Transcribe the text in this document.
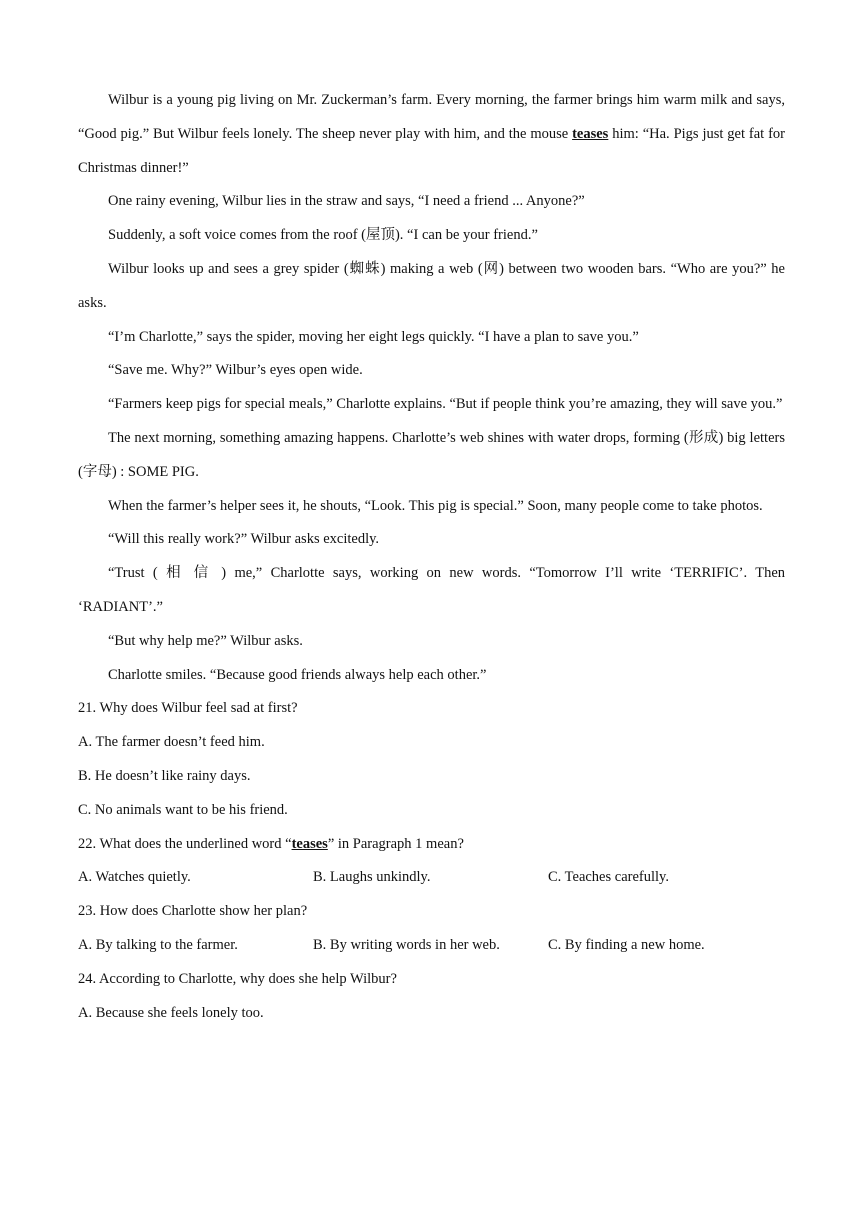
Wilbur is a young pig living on Mr. Zuckerman’s farm. Every morning, the farmer brings him warm milk and says, “Good pig.” But Wilbur feels lonely. The sheep never play with him, and the mouse teases him: “Ha. Pigs just get fat for Christmas dinner!”

One rainy evening, Wilbur lies in the straw and says, “I need a friend ... Anyone?”

Suddenly, a soft voice comes from the roof (屋顶). “I can be your friend.”

Wilbur looks up and sees a grey spider (蜘蛛) making a web (网) between two wooden bars. “Who are you?” he asks.

“I’m Charlotte,” says the spider, moving her eight legs quickly. “I have a plan to save you.”

“Save me. Why?” Wilbur’s eyes open wide.

“Farmers keep pigs for special meals,” Charlotte explains. “But if people think you’re amazing, they will save you.”

The next morning, something amazing happens. Charlotte’s web shines with water drops, forming (形成) big letters (字母) : SOME PIG.

When the farmer’s helper sees it, he shouts, “Look. This pig is special.” Soon, many people come to take photos.

“Will this really work?” Wilbur asks excitedly.

“Trust ( 相 信 ) me,” Charlotte says, working on new words. “Tomorrow I’ll write ‘TERRIFIC’. Then ‘RADIANT’.”

“But why help me?” Wilbur asks.

Charlotte smiles. “Because good friends always help each other.”

21. Why does Wilbur feel sad at first?

A. The farmer doesn’t feed him.

B. He doesn’t like rainy days.

C. No animals want to be his friend.

22. What does the underlined word “teases” in Paragraph 1 mean?

A. Watches quietly.	B. Laughs unkindly.	C. Teaches carefully.

23. How does Charlotte show her plan?

A. By talking to the farmer.	B. By writing words in her web.	C. By finding a new home.

24. According to Charlotte, why does she help Wilbur?

A. Because she feels lonely too.
